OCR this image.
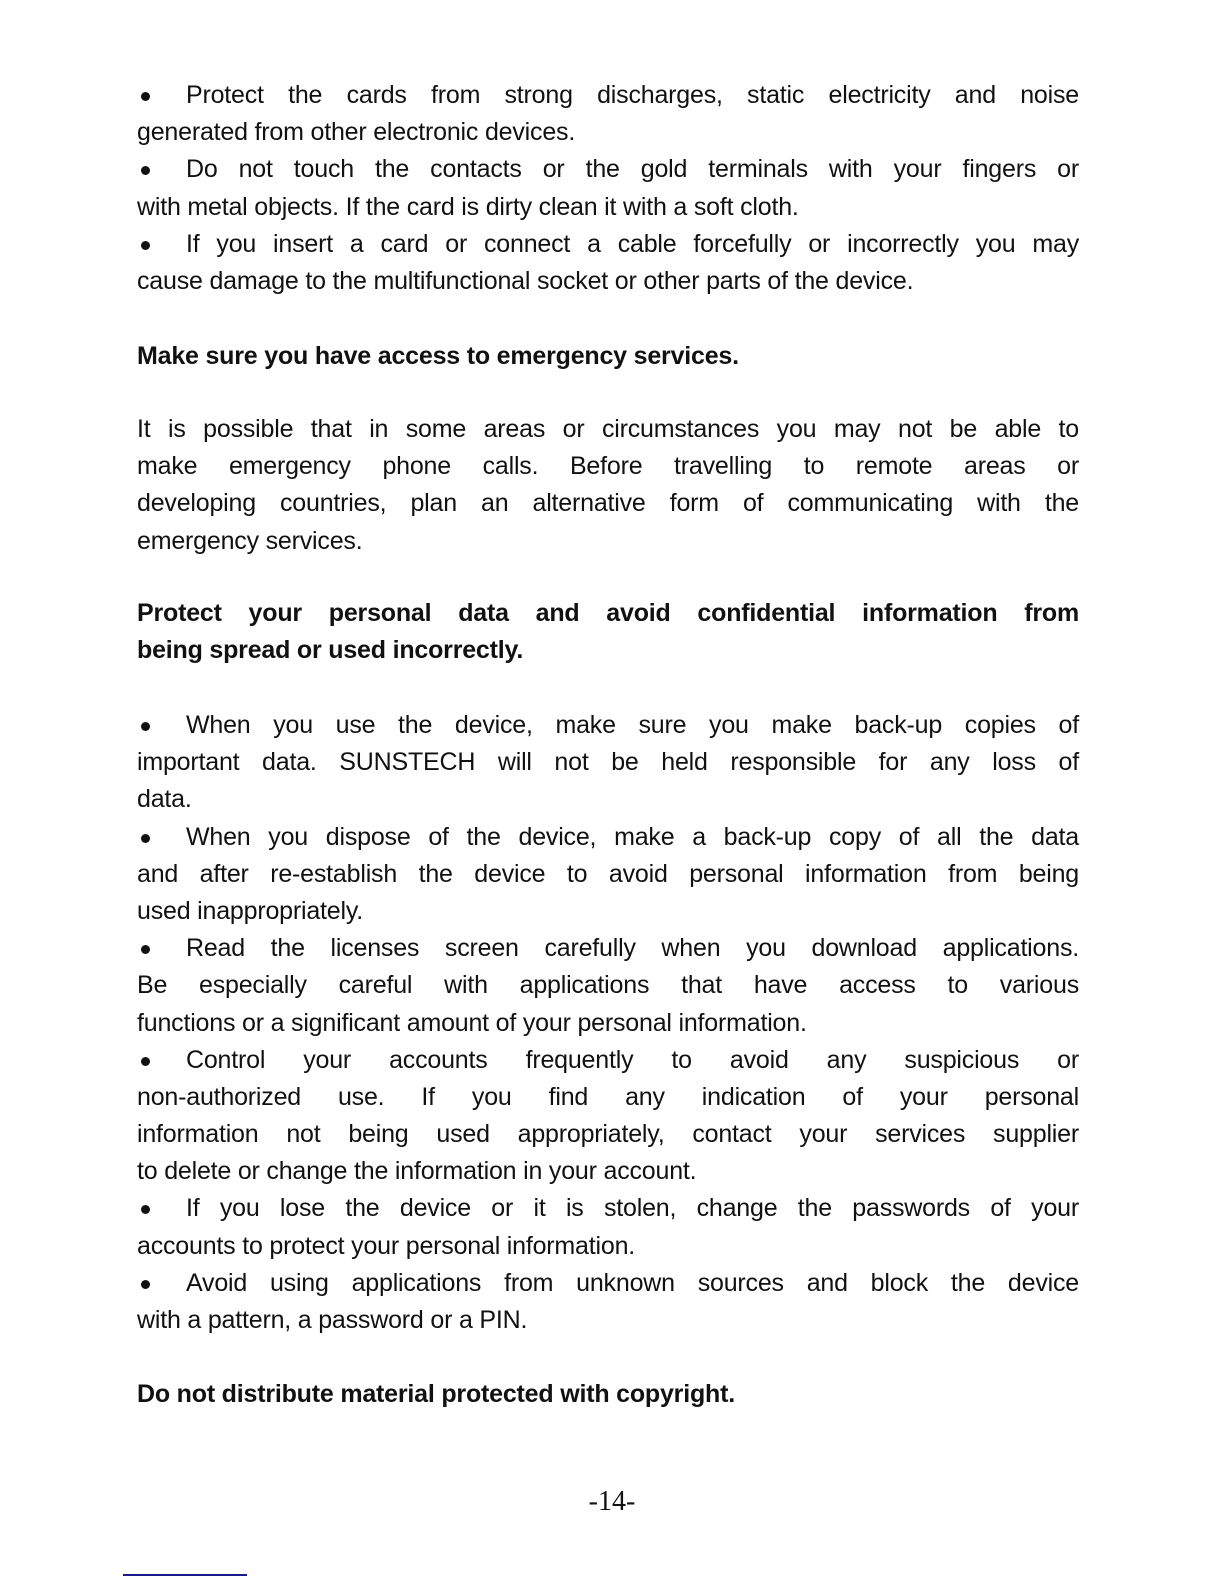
Protect the cards from strong discharges, static electricity and noise
generated from other electronic devices.
Do not touch the contacts or the gold terminals with your fingers or
with metal objects. If the card is dirty clean it with a soft cloth.
If you insert a card or connect a cable forcefully or incorrectly you may
cause damage to the multifunctional socket or other parts of the device.
Make sure you have access to emergency services.
It is possible that in some areas or circumstances you may not be able to
make emergency phone calls. Before travelling to remote areas or
developing countries, plan an alternative form of communicating with the
emergency services.
Protect your personal data and avoid confidential information from
being spread or used incorrectly.
When you use the device, make sure you make back-up copies of
important data. SUNSTECH will not be held responsible for any loss of
data.
When you dispose of the device, make a back-up copy of all the data
and after re-establish the device to avoid personal information from being
used inappropriately.
Read the licenses screen carefully when you download applications.
Be especially careful with applications that have access to various
functions or a significant amount of your personal information.
Control your accounts frequently to avoid any suspicious or
non-authorized use. If you find any indication of your personal
information not being used appropriately, contact your services supplier
to delete or change the information in your account.
If you lose the device or it is stolen, change the passwords of your
accounts to protect your personal information.
Avoid using applications from unknown sources and block the device
with a pattern, a password or a PIN.
Do not distribute material protected with copyright.
-14-
